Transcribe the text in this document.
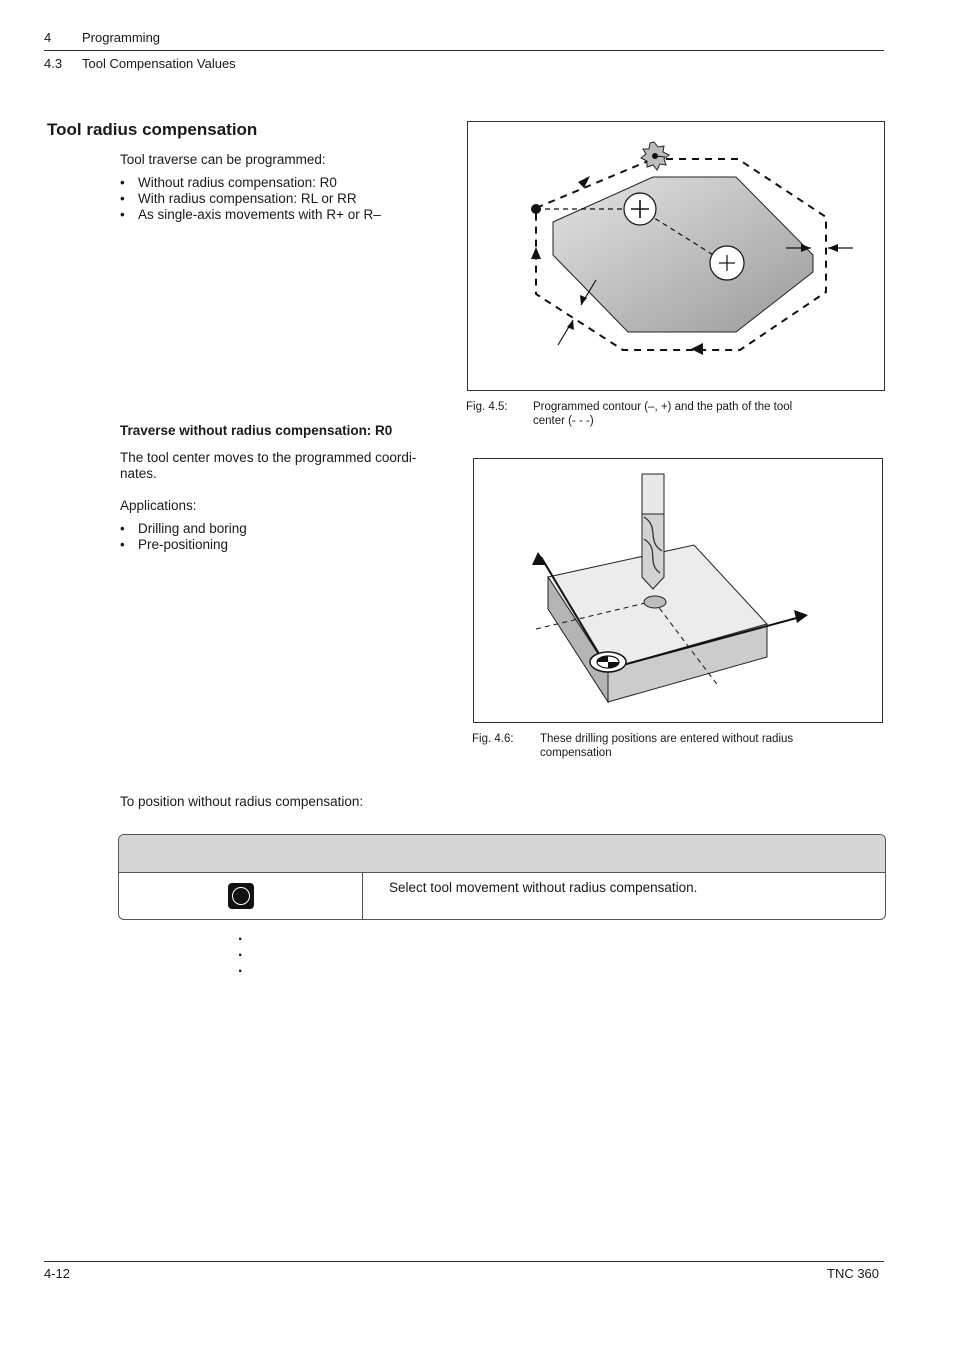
4 Programming
4.3 Tool Compensation Values
Tool radius compensation
Tool traverse can be programmed:
• Without radius compensation: R0
• With radius compensation: RL or RR
• As single-axis movements with R+ or R–
Fig. 4.5: Programmed contour (–, +) and the path of the tool
center (- - -)
Traverse without radius compensation: R0
The tool center moves to the programmed coordi-
nates.
Applications:
• Drilling and boring
• Pre-positioning
Fig. 4.6: These drilling positions are entered without radius
compensation
To position without radius compensation:
Select tool movement without radius compensation.
.
.
.
4-12	TNC 360
